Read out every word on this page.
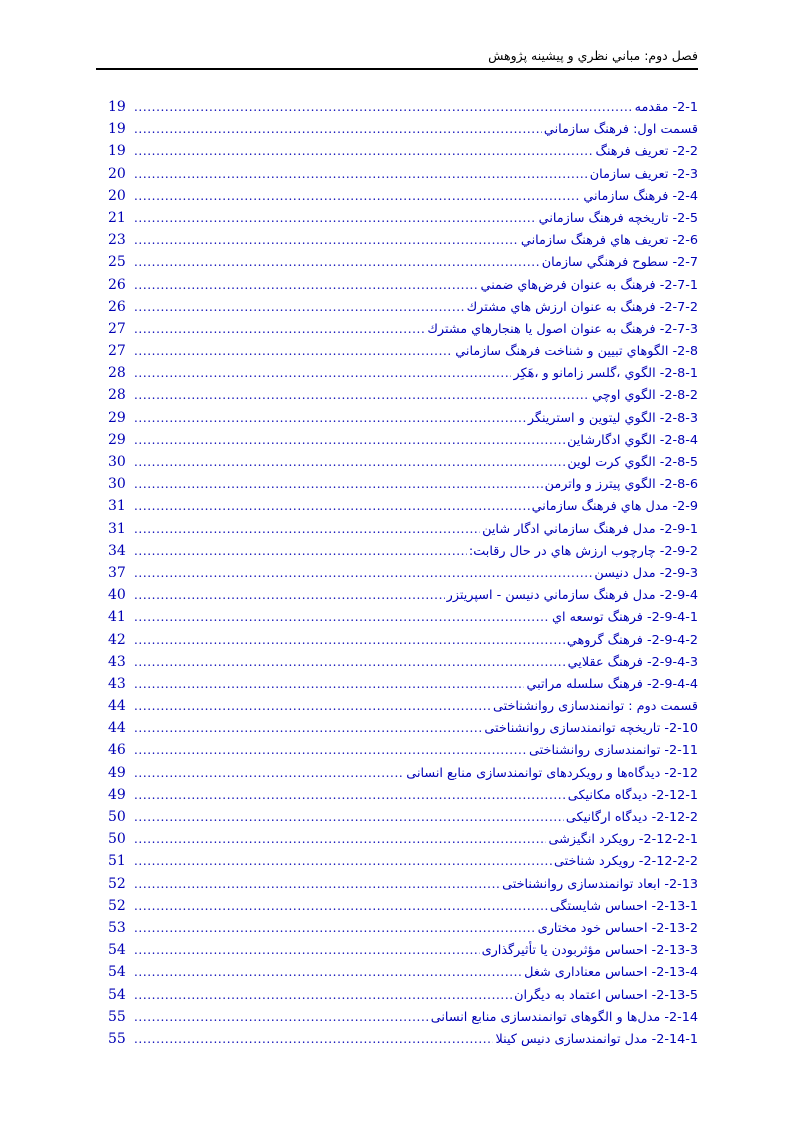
فصل دوم: مباني نظري و پيشينه پژوهش
2-1- مقدمه
.....
19
قسمت اول: فرهنگ سازماني
.....
19
2-2- تعريف فرهنگ
.....
19
2-3- تعريف سازمان
.....
20
2-4- فرهنگ سازماني
.....
20
2-5- تاريخچه فرهنگ سازماني
.....
21
2-6- تعريف هاي فرهنگ سازماني
.....
23
2-7- سطوح فرهنگي سازمان
.....
25
2-7-1- فرهنگ به عنوان فرض‌هاي ضمني
.....
26
2-7-2- فرهنگ به عنوان ارزش هاي مشترك
.....
26
2-7-3- فرهنگ به عنوان اصول يا هنجارهاي مشترك
.....
27
2-8- الگوهاي تبيين و شناخت فرهنگ سازماني
.....
27
2-8-1- الگوي ،گلسر زامانو و ،هَكِر
.....
28
2-8-2- الگوي اوچي
.....
28
2-8-3- الگوي ليتوين و استرينگر
.....
29
2-8-4- الگوي ادگارشاين
.....
29
2-8-5- الگوي كرت لوين
.....
30
2-8-6- الگوي پيترز و واترمن
.....
30
2-9- مدل هاي فرهنگ سازماني
.....
31
2-9-1- مدل فرهنگ سازماني ادگار شاين
.....
31
2-9-2- چارچوب ارزش هاي در حال رقابت:
.....
34
2-9-3- مدل دنيسن
.....
37
2-9-4- مدل فرهنگ سازماني دنيسن - اسپريتزر
.....
40
2-9-4-1- فرهنگ توسعه اي
.....
41
2-9-4-2- فرهنگ گروهي
.....
42
2-9-4-3- فرهنگ عقلايي
.....
43
2-9-4-4- فرهنگ سلسله مراتبي
.....
43
قسمت دوم : توانمندسازی روانشناختی
.....
44
2-10- تاريخچه توانمندسازی روانشناختی
.....
44
2-11- توانمندسازی روانشناختی
.....
46
2-12- دیدگاه‌ها و رویکردهای توانمندسازی منابع انسانی
.....
49
2-12-1- دیدگاه مکانیکی
.....
49
2-12-2- دیدگاه ارگانیکی
.....
50
2-12-2-1- رویکرد انگیزشی
.....
50
2-12-2-2- رویکرد شناختی
.....
51
2-13- ابعاد توانمندسازی روانشناختی
.....
52
2-13-1- احساس شایستگی
.....
52
2-13-2- احساس خود مختاری
.....
53
2-13-3- احساس مؤثربودن یا تأثیرگذاری
.....
54
2-13-4- احساس معناداری شغل
.....
54
2-13-5- احساس اعتماد به دیگران
.....
54
2-14- مدل‌ها و الگوهای توانمندسازی منابع انسانی
.....
55
2-14-1- مدل توانمندسازی دنیس کینلا
.....
55
